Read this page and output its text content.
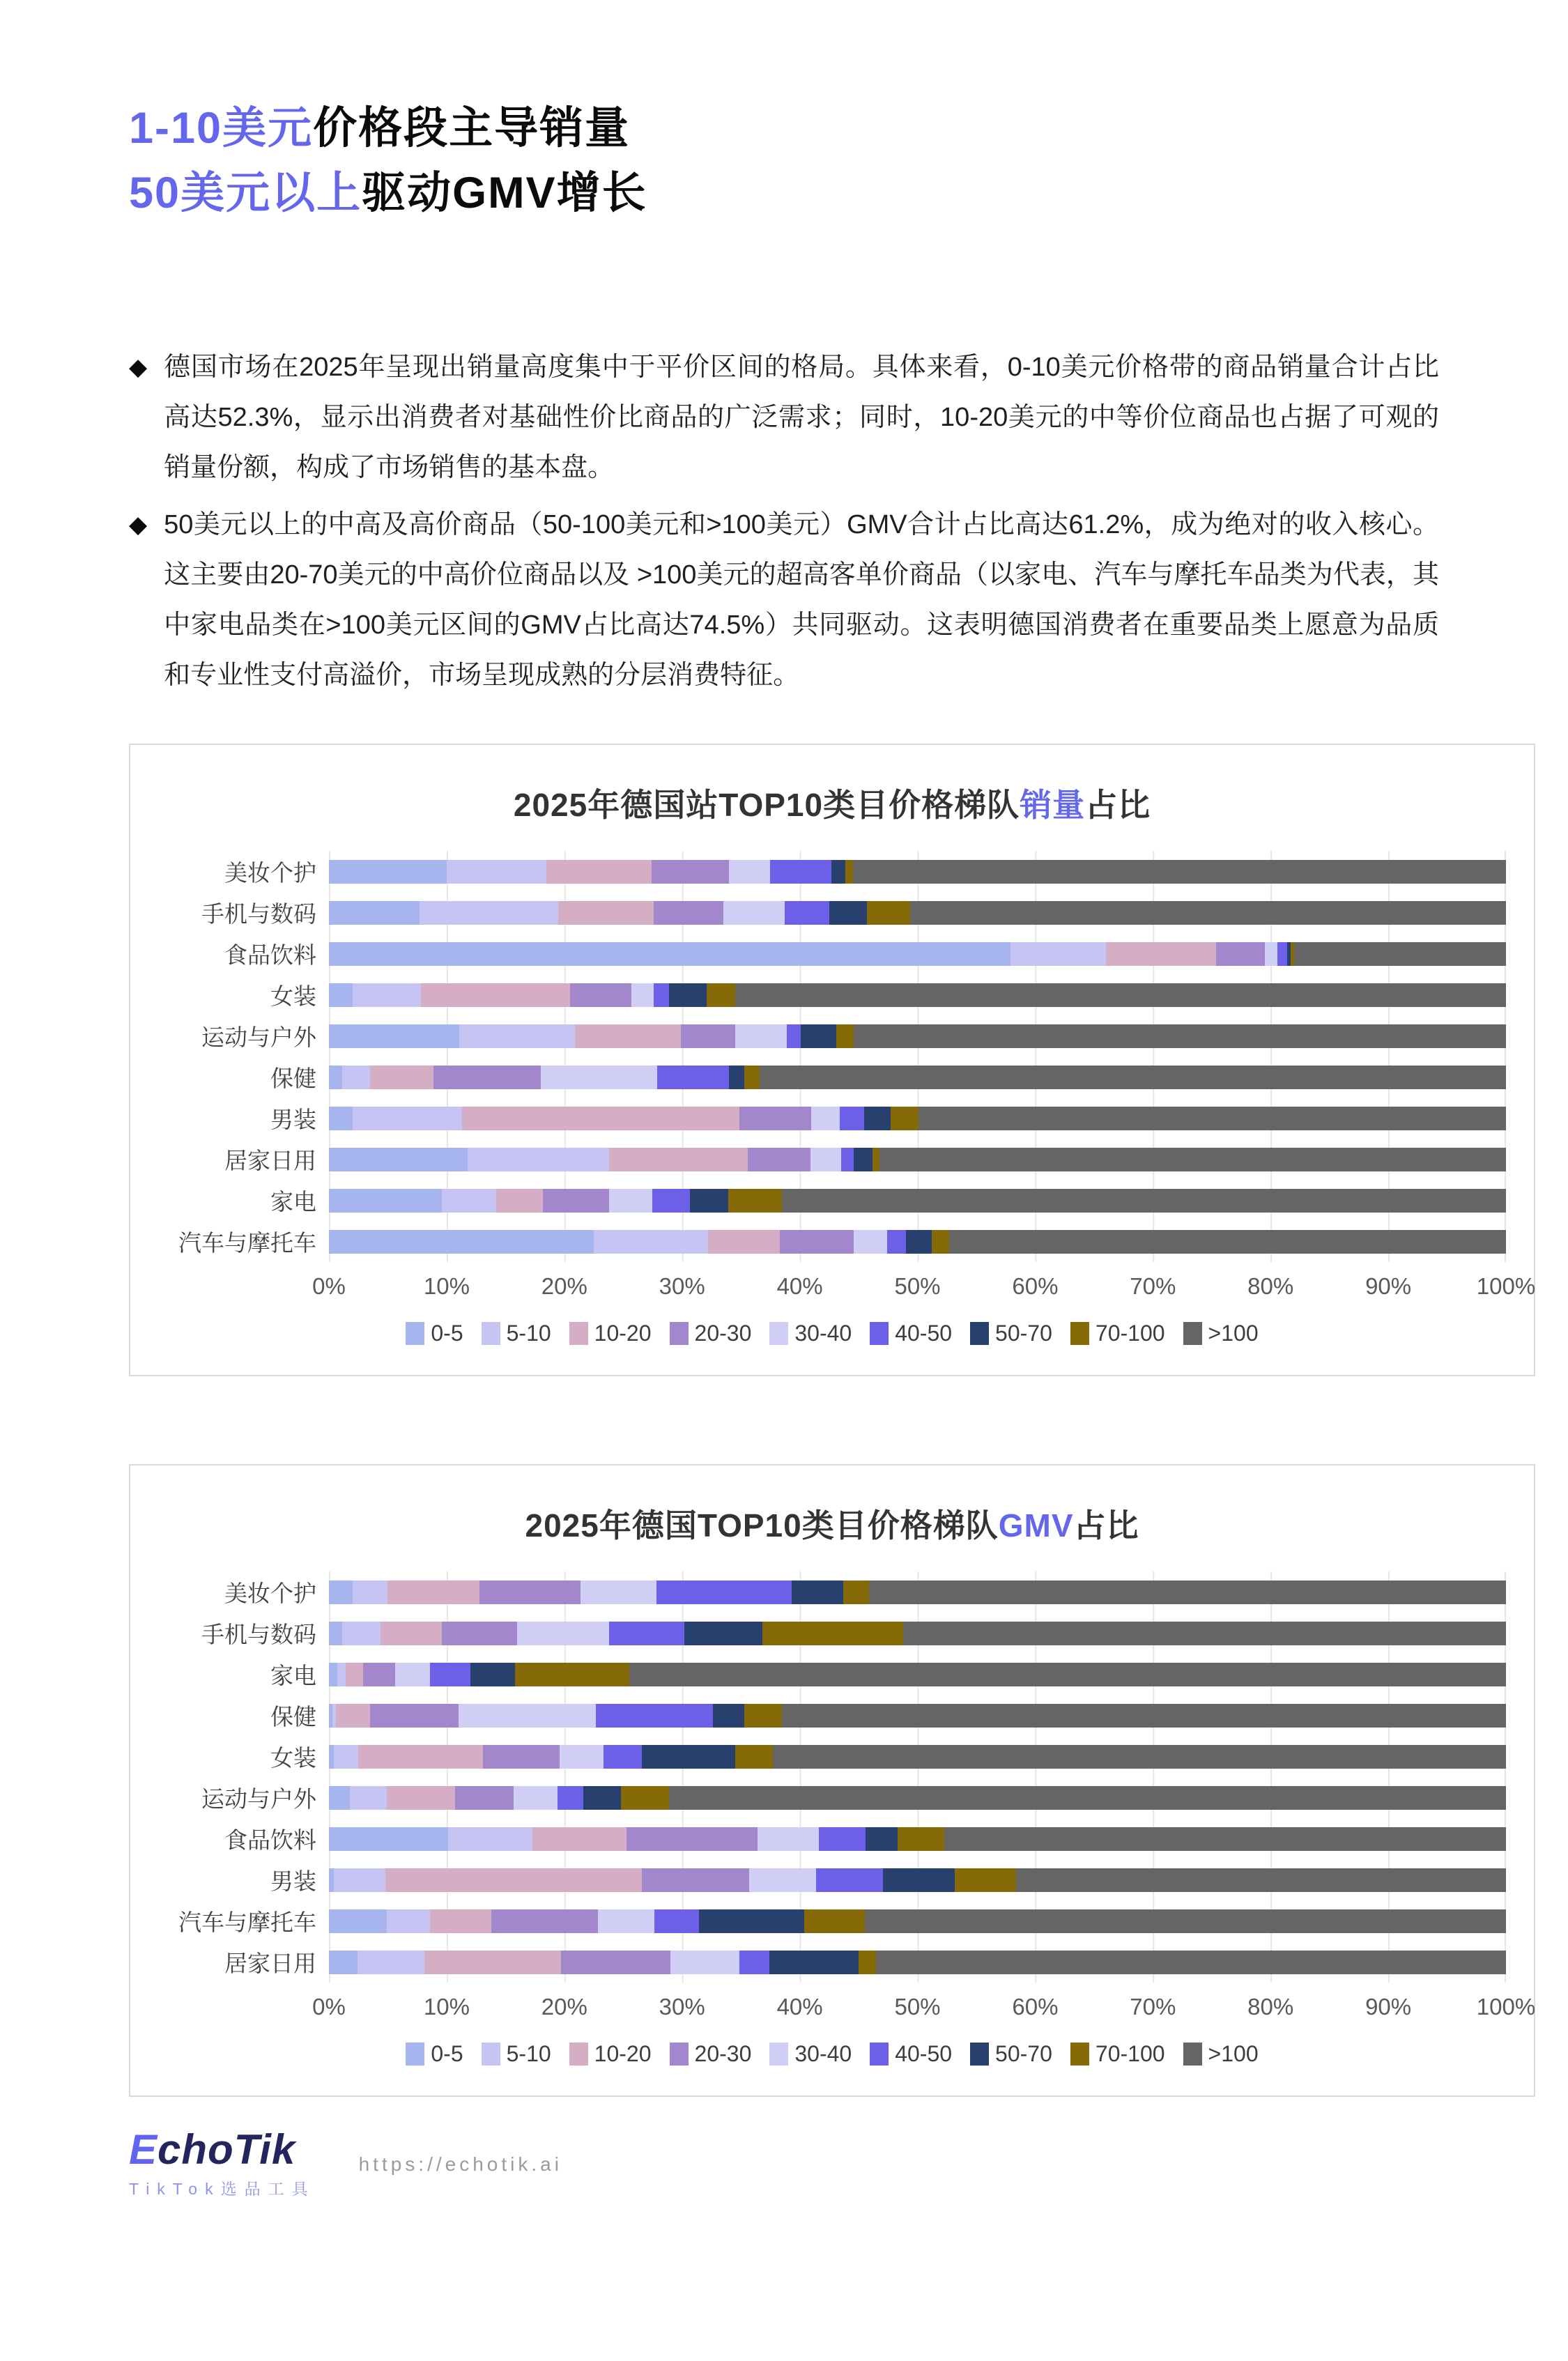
1-10美元价格段主导销量
50美元以上驱动GMV增长
◆ 德国市场在2025年呈现出销量高度集中于平价区间的格局。具体来看，0-10美元价格带的商品销量合计占比高达52.3%，显示出消费者对基础性价比商品的广泛需求；同时，10-20美元的中等价位商品也占据了可观的销量份额，构成了市场销售的基本盘。

◆ 50美元以上的中高及高价商品（50-100美元和>100美元）GMV合计占比高达61.2%，成为绝对的收入核心。这主要由20-70美元的中高价位商品以及 >100美元的超高客单价商品（以家电、汽车与摩托车品类为代表，其中家电品类在>100美元区间的GMV占比高达74.5%）共同驱动。这表明德国消费者在重要品类上愿意为品质和专业性支付高溢价，市场呈现成熟的分层消费特征。

2025年德国站TOP10类目价格梯队销量占比
美妆个护
手机与数码
食品饮料
女装
运动与户外
保健
男装
居家日用
家电
汽车与摩托车
0%	10%	20%	30%	40%	50%	60%	70%	80%	90%	100%
0-5 5-10 10-20 20-30 30-40 40-50 50-70 70-100 >100
2025年德国TOP10类目价格梯队GMV占比
美妆个护
手机与数码
家电
保健
女装
运动与户外
食品饮料
男装
汽车与摩托车
居家日用
0%	10%	20%	30%	40%	50%	60%	70%	80%	90%	100%
0-5 5-10 10-20 20-30 30-40 40-50 50-70 70-100 >100
EchoTik
TikTok选品工具
https://echotik.ai
